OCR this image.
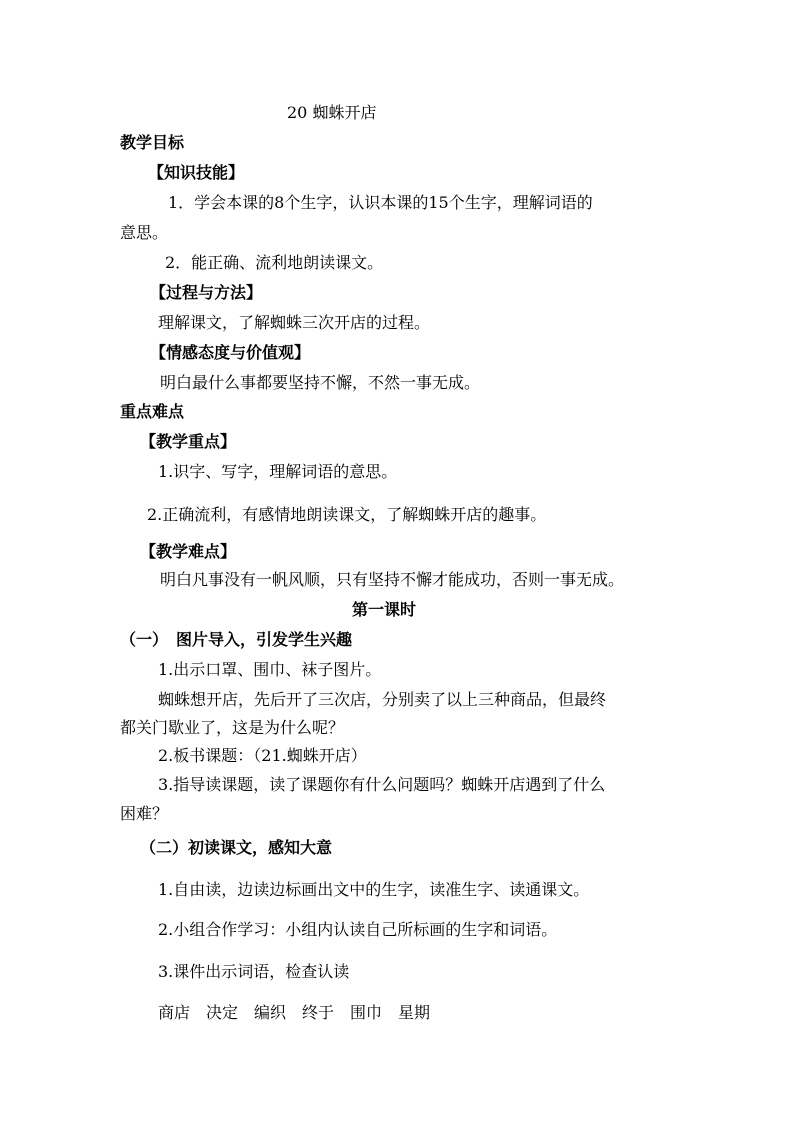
20 蜘蛛开店
教学目标
【知识技能】
1．学会本课的8个生字，认识本课的15个生字，理解词语的
意思。
2．能正确、流利地朗读课文。
【过程与方法】
理解课文，了解蜘蛛三次开店的过程。
【情感态度与价值观】
明白最什么事都要坚持不懈，不然一事无成。
重点难点
【教学重点】
1.识字、写字，理解词语的意思。
2.正确流利，有感情地朗读课文，了解蜘蛛开店的趣事。
【教学难点】
明白凡事没有一帆风顺，只有坚持不懈才能成功，否则一事无成。
第一课时
（一）　图片导入，引发学生兴趣
1.出示口罩、围巾、袜子图片。
蜘蛛想开店，先后开了三次店，分别卖了以上三种商品，但最终
都关门歇业了，这是为什么呢？
2.板书课题：（21.蜘蛛开店）
3.指导读课题，读了课题你有什么问题吗？蜘蛛开店遇到了什么
困难？
（二）初读课文，感知大意
1.自由读，边读边标画出文中的生字，读准生字、读通课文。
2.小组合作学习：小组内认读自己所标画的生字和词语。
3.课件出示词语，检查认读
商店　决定　编织　终于　围巾　星期
